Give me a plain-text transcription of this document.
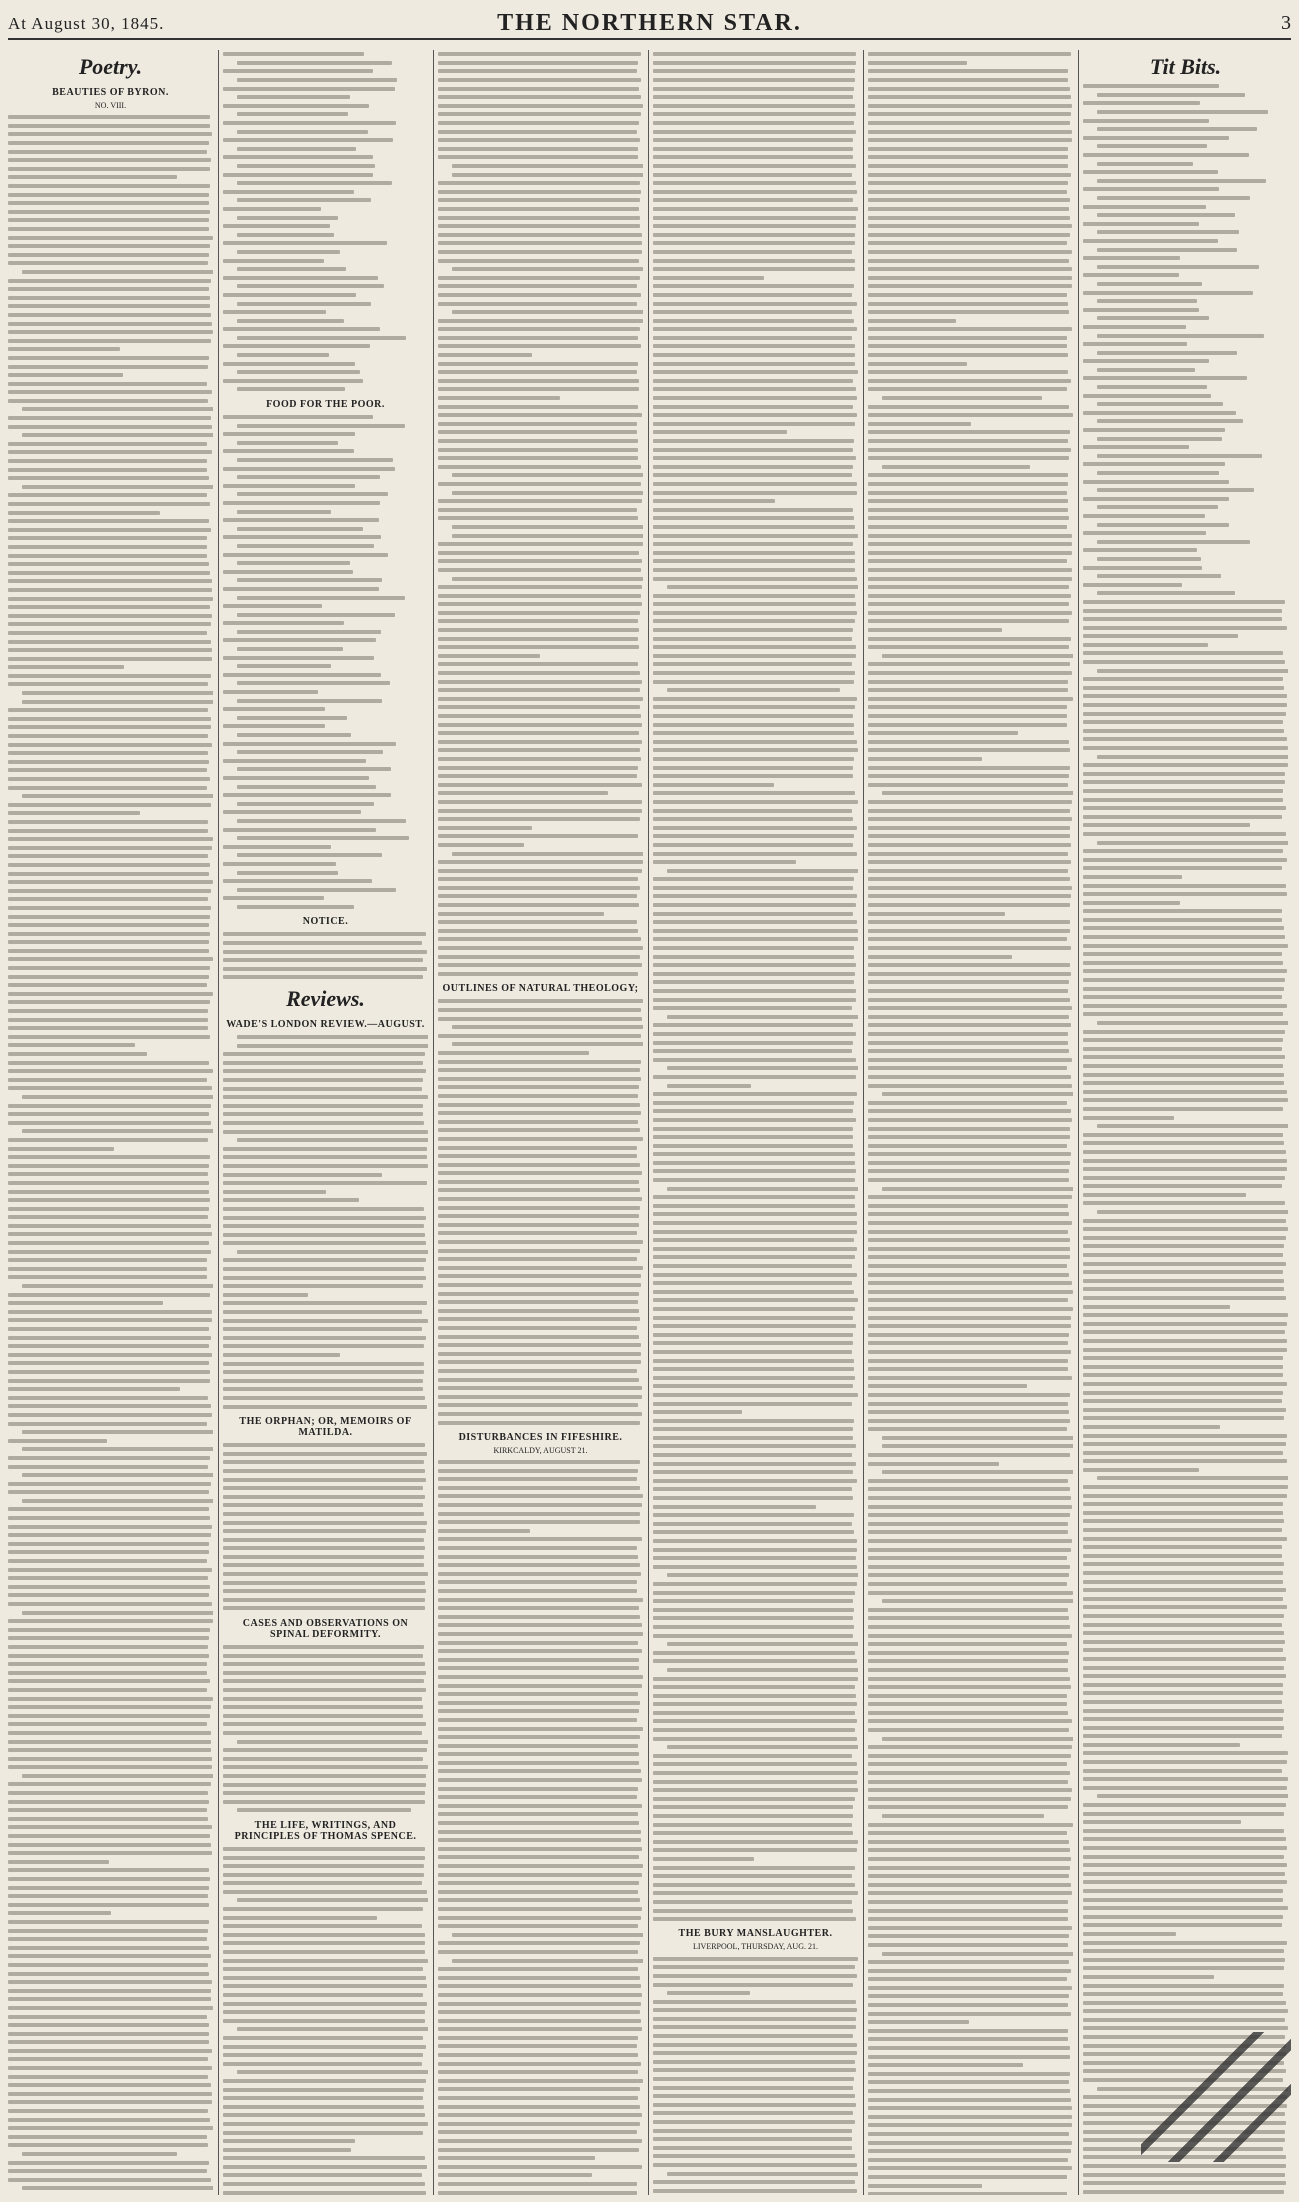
At August 30, 1845.	THE NORTHERN STAR.	3
Poetry.
BEAUTIES OF BYRON.
NO. VIII.
FOOD FOR THE POOR.
NOTICE.
Reviews.
WADE'S LONDON REVIEW.—AUGUST.
THE ORPHAN; OR, MEMOIRS OF MATILDA.
CASES AND OBSERVATIONS ON SPINAL DEFORMITY.
THE LIFE, WRITINGS, AND PRINCIPLES OF THOMAS SPENCE.
OUTLINES OF NATURAL THEOLOGY;
DISTURBANCES IN FIFESHIRE.
KIRKCALDY, AUGUST 21.
THE BURY MANSLAUGHTER.
LIVERPOOL, THURSDAY, AUG. 21.
Tit Bits.
